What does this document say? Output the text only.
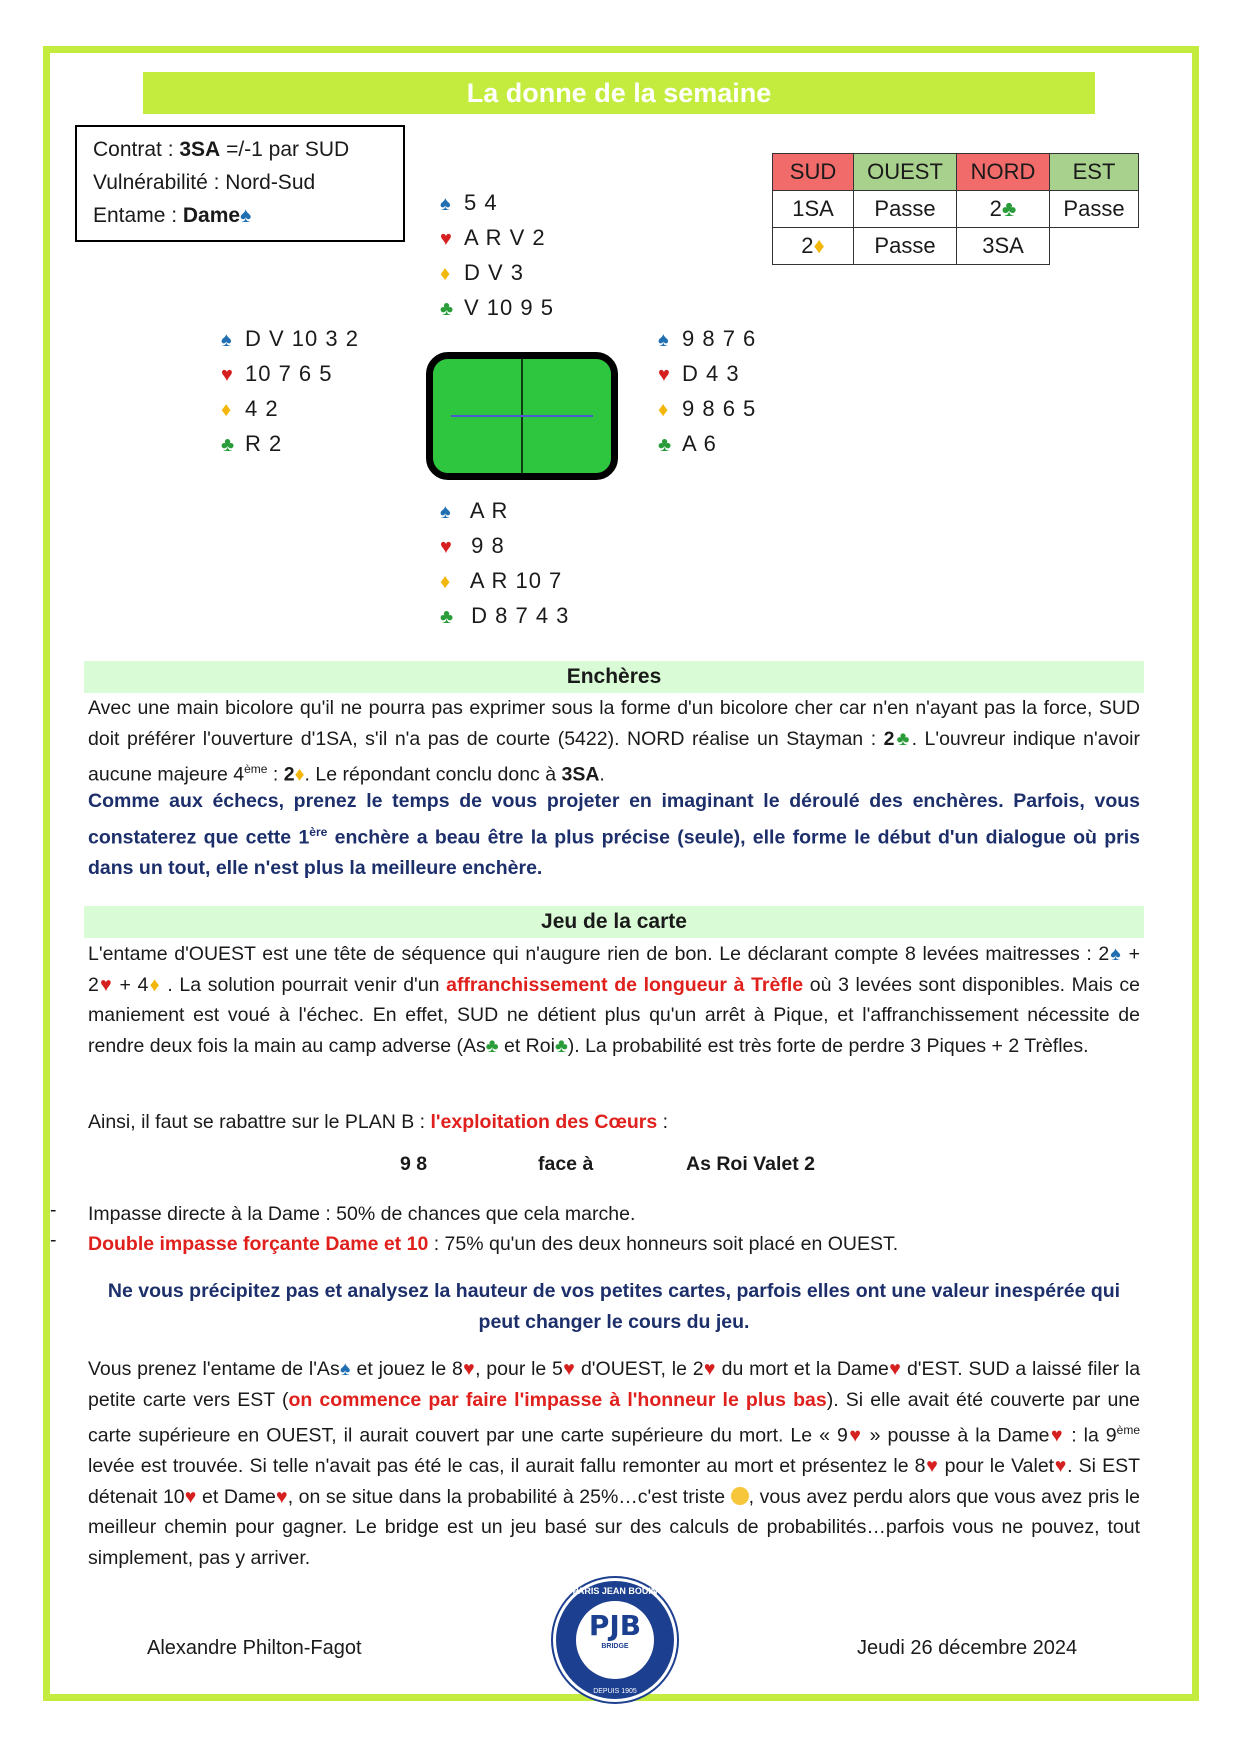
La donne de la semaine
Contrat : 3SA =/-1 par SUD
Vulnérabilité : Nord-Sud
Entame : Dame♠	♠ 5 4
♥ A R V 2
♦ D V 3
♣ V 10 9 5
♠ D V 10 3 2
♥ 10 7 6 5
♦ 4 2
♣ R 2
♠ 9 8 7 6
♥ D 4 3
♦ 9 8 6 5
♣ A 6
♠ A R
♥ 9 8
♦ A R 10 7
♣ D 8 7 4 3
SUD	OUEST	NORD	EST
1SA	Passe	2♣	Passe
2♦	Passe	3SA	
Enchères
Avec une main bicolore qu'il ne pourra pas exprimer sous la forme d'un bicolore cher car n'en n'ayant pas la force, SUD doit préférer l'ouverture d'1SA, s'il n'a pas de courte (5422). NORD réalise un Stayman : 2♣. L'ouvreur indique n'avoir aucune majeure 4ème : 2♦. Le répondant conclu donc à 3SA.
Comme aux échecs, prenez le temps de vous projeter en imaginant le déroulé des enchères. Parfois, vous constaterez que cette 1ère enchère a beau être la plus précise (seule), elle forme le début d'un dialogue où pris dans un tout, elle n'est plus la meilleure enchère.
Jeu de la carte
L'entame d'OUEST est une tête de séquence qui n'augure rien de bon. Le déclarant compte 8 levées maitresses : 2♠ + 2♥ + 4♦ . La solution pourrait venir d'un affranchissement de longueur à Trèfle où 3 levées sont disponibles. Mais ce maniement est voué à l'échec. En effet, SUD ne détient plus qu'un arrêt à Pique, et l'affranchissement nécessite de rendre deux fois la main au camp adverse (As♣ et Roi♣). La probabilité est très forte de perdre 3 Piques + 2 Trèfles.
Ainsi, il faut se rabattre sur le PLAN B : l'exploitation des Cœurs :
9 8	face à	As Roi Valet 2
- Impasse directe à la Dame : 50% de chances que cela marche.
- Double impasse forçante Dame et 10 : 75% qu'un des deux honneurs soit placé en OUEST.
Ne vous précipitez pas et analysez la hauteur de vos petites cartes, parfois elles ont une valeur inespérée qui peut changer le cours du jeu.
Vous prenez l'entame de l'As♠ et jouez le 8♥, pour le 5♥ d'OUEST, le 2♥ du mort et la Dame♥ d'EST. SUD a laissé filer la petite carte vers EST (on commence par faire l'impasse à l'honneur le plus bas). Si elle avait été couverte par une carte supérieure en OUEST, il aurait couvert par une carte supérieure du mort. Le « 9♥ » pousse à la Dame♥ : la 9ème levée est trouvée. Si telle n'avait pas été le cas, il aurait fallu remonter au mort et présentez le 8♥ pour le Valet♥. Si EST détenait 10♥ et Dame♥, on se situe dans la probabilité à 25%…c'est triste , vous avez perdu alors que vous avez pris le meilleur chemin pour gagner. Le bridge est un jeu basé sur des calculs de probabilités…parfois vous ne pouvez, tout simplement, pas y arriver.
Alexandre Philton-Fagot	Jeudi 26 décembre 2024
PARIS JEAN BOUIN
PJB
BRIDGE
DEPUIS 1905
